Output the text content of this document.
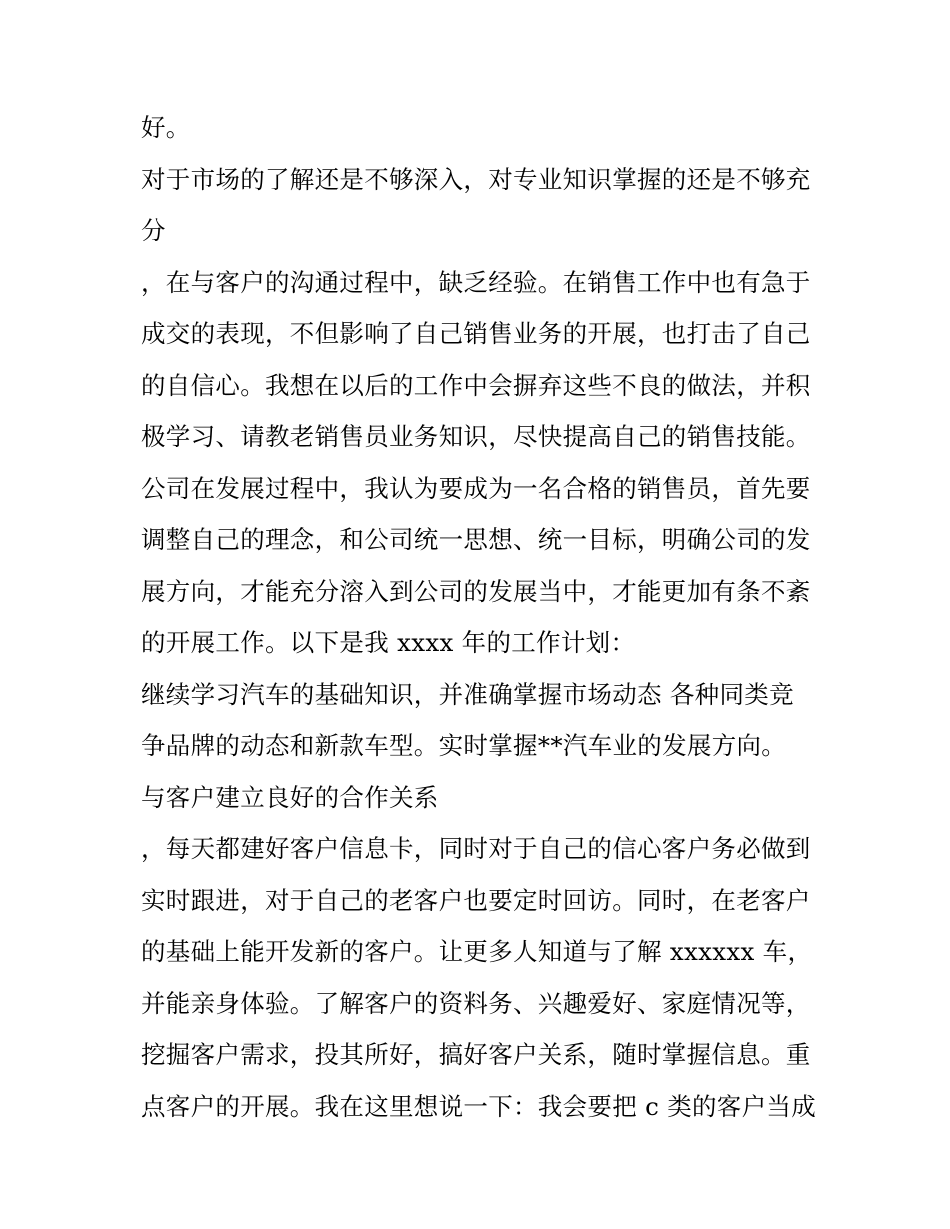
好。
对于市场的了解还是不够深入，对专业知识掌握的还是不够充
分
，在与客户的沟通过程中，缺乏经验。在销售工作中也有急于
成交的表现，不但影响了自己销售业务的开展，也打击了自己
的自信心。我想在以后的工作中会摒弃这些不良的做法，并积
极学习、请教老销售员业务知识，尽快提高自己的销售技能。
公司在发展过程中，我认为要成为一名合格的销售员，首先要
调整自己的理念，和公司统一思想、统一目标，明确公司的发
展方向，才能充分溶入到公司的发展当中，才能更加有条不紊
的开展工作。以下是我 xxxx 年的工作计划：
继续学习汽车的基础知识，并准确掌握市场动态 各种同类竞
争品牌的动态和新款车型。实时掌握**汽车业的发展方向。
与客户建立良好的合作关系
，每天都建好客户信息卡，同时对于自己的信心客户务必做到
实时跟进，对于自己的老客户也要定时回访。同时，在老客户
的基础上能开发新的客户。让更多人知道与了解 xxxxxx 车，
并能亲身体验。了解客户的资料务、兴趣爱好、家庭情况等，
挖掘客户需求，投其所好，搞好客户关系，随时掌握信息。重
点客户的开展。我在这里想说一下：我会要把 c 类的客户当成
